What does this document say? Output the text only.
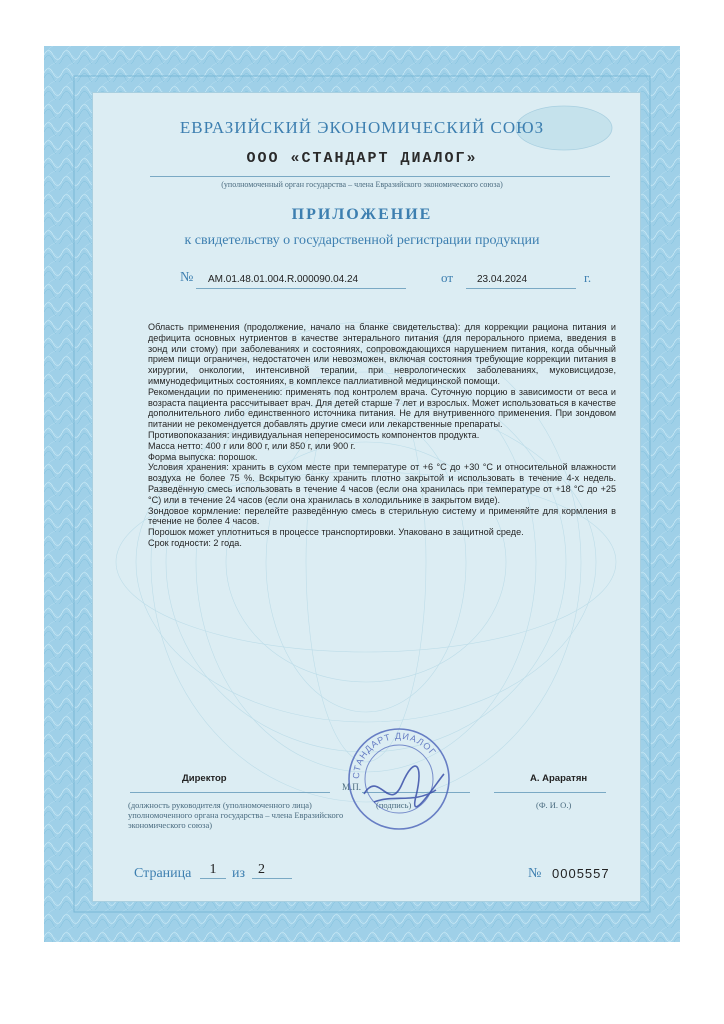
ЕВРАЗИЙСКИЙ ЭКОНОМИЧЕСКИЙ СОЮЗ
ООО «СТАНДАРТ ДИАЛОГ»
(уполномоченный орган государства – члена Евразийского экономического союза)
ПРИЛОЖЕНИЕ
к свидетельству о государственной регистрации продукции
№ AM.01.48.01.004.R.000090.04.24	от 23.04.2024	г.

Область применения (продолжение, начало на бланке свидетельства): для коррекции рациона питания и дефицита основных нутриентов в качестве энтерального питания (для перорального приема, введения в зонд или стому) при заболеваниях и состояниях, сопровождающихся нарушением питания, когда обычный прием пищи ограничен, недостаточен или невозможен, включая состояния требующие коррекции питания в хирургии, онкологии, интенсивной терапии, при неврологических заболеваниях, муковисцидозе, иммунодефицитных состояниях, в комплексе паллиативной медицинской помощи.

Рекомендации по применению: применять под контролем врача. Суточную порцию в зависимости от веса и возраста пациента рассчитывает врач. Для детей старше 7 лет и взрослых. Может использоваться в качестве дополнительного либо единственного источника питания. Не для внутривенного применения. При зондовом питании не рекомендуется добавлять другие смеси или лекарственные препараты.

Противопоказания: индивидуальная непереносимость компонентов продукта.

Масса нетто: 400 г или 800 г, или 850 г, или 900 г.

Форма выпуска: порошок.

Условия хранения: хранить в сухом месте при температуре от +6 °С до +30 °С и относительной влажности воздуха не более 75 %. Вскрытую банку хранить плотно закрытой и использовать в течение 4-х недель. Разведённую смесь использовать в течение 4 часов (если она хранилась при температуре от +18 °С до +25 °С) или в течение 24 часов (если она хранилась в холодильнике в закрытом виде).

Зондовое кормление: перелейте разведённую смесь в стерильную систему и применяйте для кормления в течение не более 4 часов.

Порошок может уплотниться в процессе транспортировки. Упаковано в защитной среде.

Срок годности: 2 года.

Директор
(должность руководителя (уполномоченного лица) уполномоченного органа государства – члена Евразийского экономического союза)
М.П.
(подпись)
А. Араратян
(Ф. И. О.)
СТАНДАРТ ДИАЛОГ
Страница	1	из 2	№ 0005557
